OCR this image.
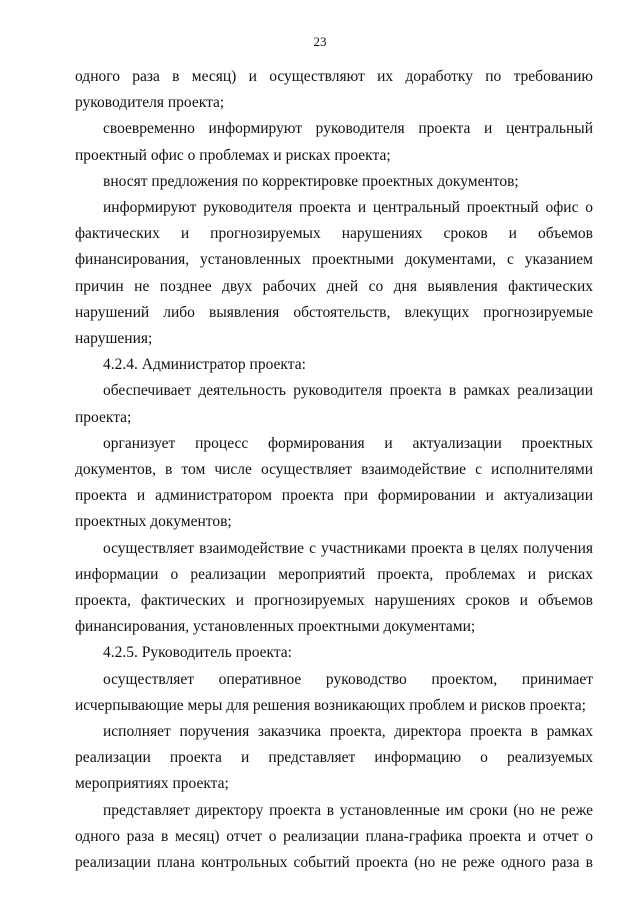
23

одного раза в месяц) и осуществляют их доработку по требованию руководителя проекта;

своевременно информируют руководителя проекта и центральный проектный офис о проблемах и рисках проекта;

вносят предложения по корректировке проектных документов;

информируют руководителя проекта и центральный проектный офис о фактических и прогнозируемых нарушениях сроков и объемов финансирования, установленных проектными документами, с указанием причин не позднее двух рабочих дней со дня выявления фактических нарушений либо выявления обстоятельств, влекущих прогнозируемые нарушения;

4.2.4. Администратор проекта:

обеспечивает деятельность руководителя проекта в рамках реализации проекта;

организует процесс формирования и актуализации проектных документов, в том числе осуществляет взаимодействие с исполнителями проекта и администратором проекта при формировании и актуализации проектных документов;

осуществляет взаимодействие с участниками проекта в целях получения информации о реализации мероприятий проекта, проблемах и рисках проекта, фактических и прогнозируемых нарушениях сроков и объемов финансирования, установленных проектными документами;

4.2.5. Руководитель проекта:

осуществляет оперативное руководство проектом, принимает исчерпывающие меры для решения возникающих проблем и рисков проекта;

исполняет поручения заказчика проекта, директора проекта в рамках реализации проекта и представляет информацию о реализуемых мероприятиях проекта;

представляет директору проекта в установленные им сроки (но не реже одного раза в месяц) отчет о реализации плана-графика проекта и отчет о реализации плана контрольных событий проекта (но не реже одного раза в
